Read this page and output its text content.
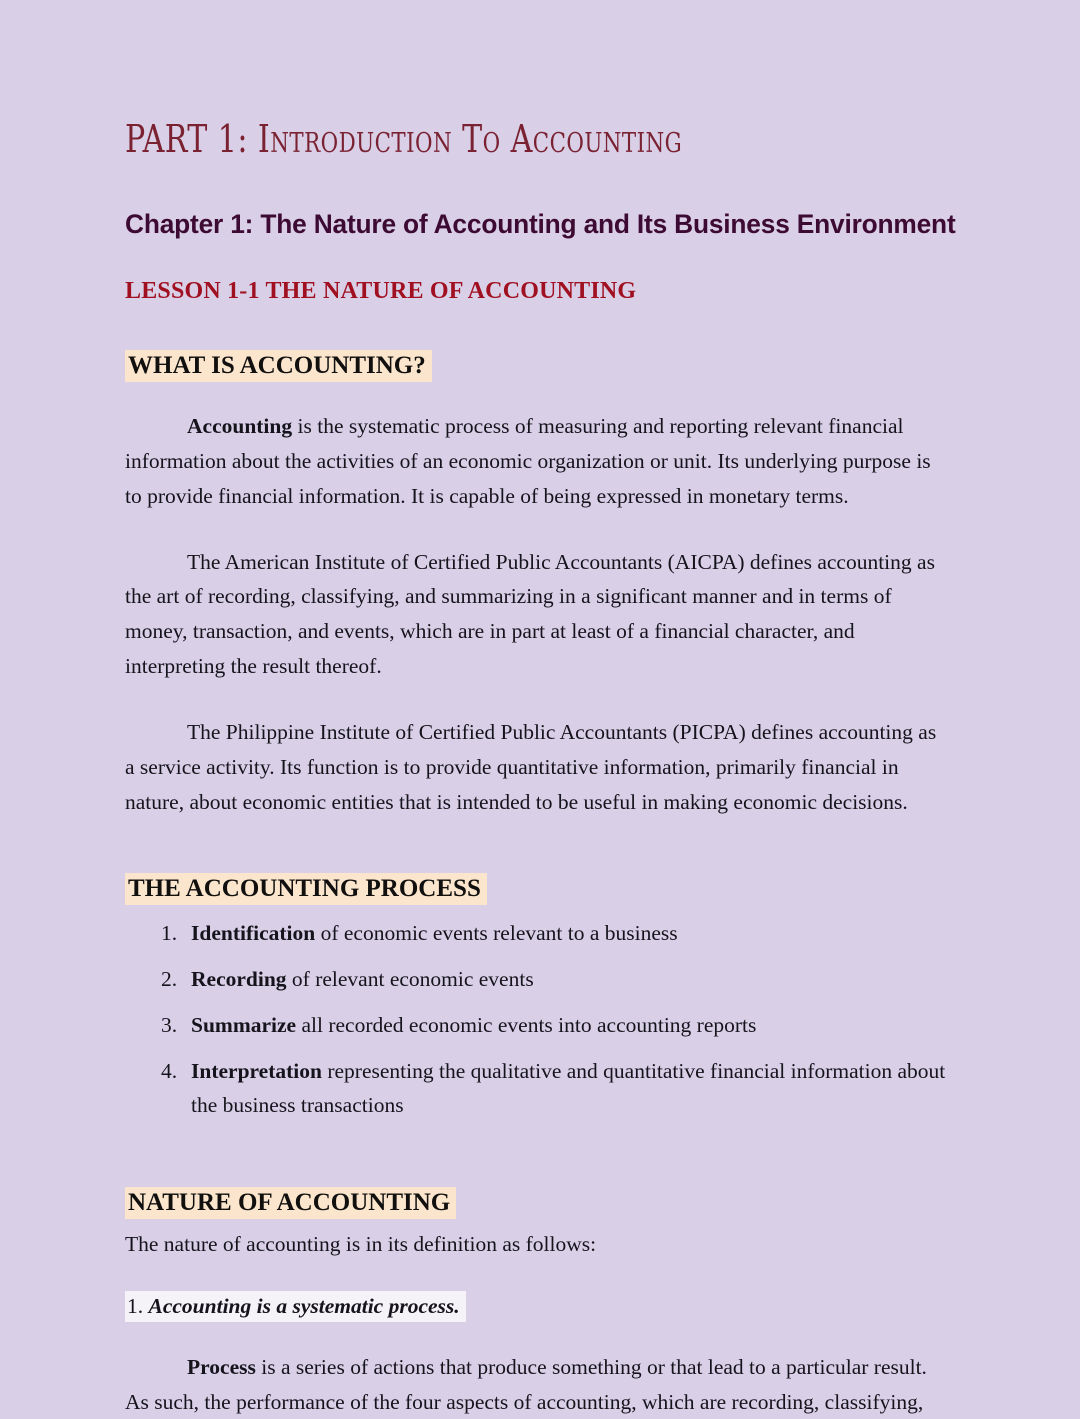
PART 1: Introduction To Accounting
Chapter 1: The Nature of Accounting and Its Business Environment
LESSON 1-1 THE NATURE OF ACCOUNTING
WHAT IS ACCOUNTING?

Accounting is the systematic process of measuring and reporting relevant financial information about the activities of an economic organization or unit. Its underlying purpose is to provide financial information. It is capable of being expressed in monetary terms.

The American Institute of Certified Public Accountants (AICPA) defines accounting as the art of recording, classifying, and summarizing in a significant manner and in terms of money, transaction, and events, which are in part at least of a financial character, and interpreting the result thereof.

The Philippine Institute of Certified Public Accountants (PICPA) defines accounting as a service activity. Its function is to provide quantitative information, primarily financial in nature, about economic entities that is intended to be useful in making economic decisions.

THE ACCOUNTING PROCESS
1. Identification of economic events relevant to a business
2. Recording of relevant economic events
3. Summarize all recorded economic events into accounting reports
4. Interpretation representing the qualitative and quantitative financial information about the business transactions
NATURE OF ACCOUNTING

The nature of accounting is in its definition as follows:

1. Accounting is a systematic process.

Process is a series of actions that produce something or that lead to a particular result. As such, the performance of the four aspects of accounting, which are recording, classifying,
